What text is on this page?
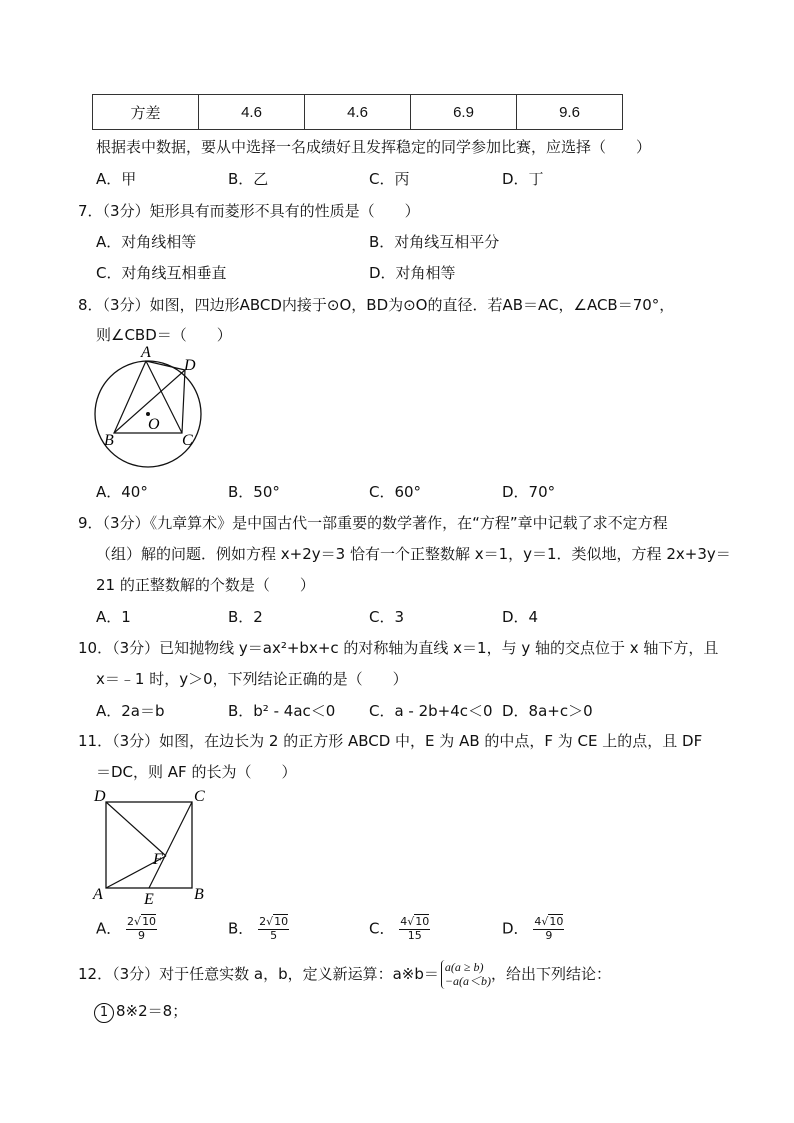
方差	4.6	4.6	6.9	9.6
根据表中数据，要从中选择一名成绩好且发挥稳定的同学参加比赛，应选择（　　）
A．甲	B．乙	C．丙	D．丁
7．（3分）矩形具有而菱形不具有的性质是（　　）
A．对角线相等	B．对角线互相平分
C．对角线互相垂直	D．对角相等
8．（3分）如图，四边形ABCD内接于⊙O，BD为⊙O的直径．若AB＝AC，∠ACB＝70°，
则∠CBD＝（　　）
A
D
O
B	C
A．40°	B．50°	C．60°	D．70°
9．（3分）《九章算术》是中国古代一部重要的数学著作，在“方程”章中记载了求不定方程
（组）解的问题．例如方程 x+2y＝3 恰有一个正整数解 x＝1，y＝1．类似地，方程 2x+3y＝
21 的正整数解的个数是（　　）
A．1	B．2	C．3	D．4
10．（3分）已知抛物线 y＝ax²+bx+c 的对称轴为直线 x＝1，与 y 轴的交点位于 x 轴下方，且
x＝﹣1 时，y＞0，下列结论正确的是（　　）
A．2a＝b	B．b² - 4ac＜0 C．a - 2b+4c＜0 D．8a+c＞0
11．（3分）如图，在边长为 2 的正方形 ABCD 中，E 为 AB 的中点，F 为 CE 上的点，且 DF
＝DC，则 AF 的长为（　　）
D	C
F
A	E	B
A． $\frac{2√10}{9}$	B． $\frac{2√10}{5}$	C． $\frac{4√10}{15}$	D． $\frac{4√10}{9}$
12．（3分）对于任意实数 a，b，定义新运算：a※b＝ a(a ≥ b)
−a(a＜b) ，给出下列结论：
1 8※2＝8；
